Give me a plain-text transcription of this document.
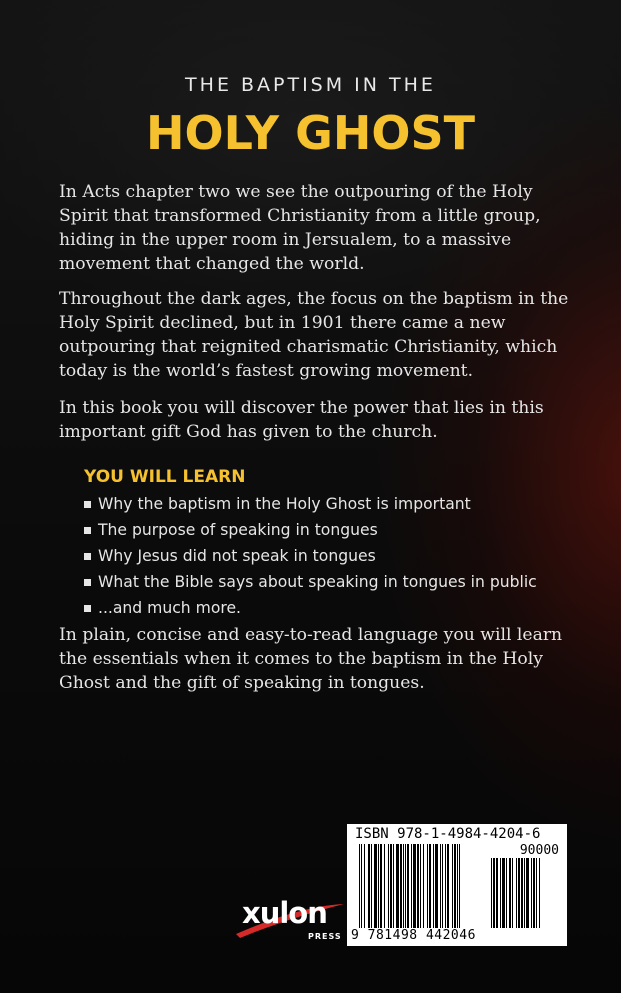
THE BAPTISM IN THE
HOLY GHOST

In Acts chapter two we see the outpouring of the Holy Spirit that transformed Christianity from a little group, hiding in the upper room in Jersualem, to a massive movement that changed the world.

Throughout the dark ages, the focus on the baptism in the Holy Spirit declined, but in 1901 there came a new outpouring that reignited charismatic Christianity, which today is the world’s fastest growing movement.

In this book you will discover the power that lies in this important gift God has given to the church.

YOU WILL LEARN
Why the baptism in the Holy Ghost is important
The purpose of speaking in tongues
Why Jesus did not speak in tongues
What the Bible says about speaking in tongues in public
...and much more.

In plain, concise and easy-to-read language you will learn the essentials when it comes to the baptism in the Holy Ghost and the gift of speaking in tongues.

xulon
PRESS
ISBN 978-1-4984-4204-6
90000
9 781498 442046
